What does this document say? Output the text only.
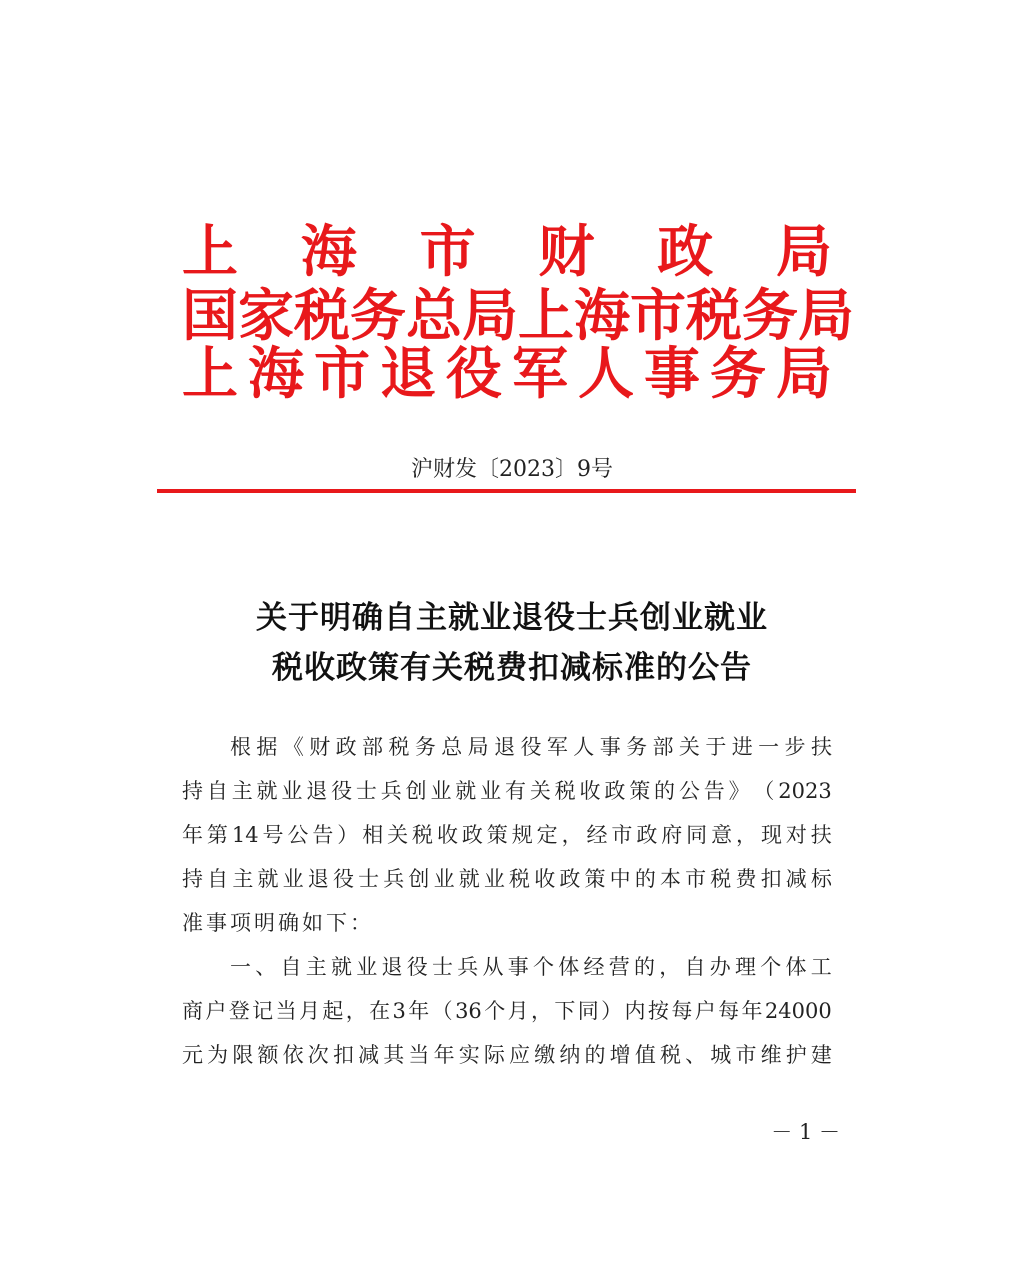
上 海 市 财 政 局
国 家 税 务 总 局 上 海 市 税 务 局
上 海 市 退 役 军 人 事 务 局
沪财发〔2023〕9号
关于明确自主就业退役士兵创业就业
税收政策有关税费扣减标准的公告
根 据 《 财 政 部 税 务 总 局 退 役 军 人 事 务 部 关 于 进 一 步 扶
持 自 主 就 业 退 役 士 兵 创 业 就 业 有 关 税 收 政 策 的 公 告 》 （ 2023
年 第 14 号 公 告 ） 相 关 税 收 政 策 规 定 ， 经 市 政 府 同 意 ， 现 对 扶
持 自 主 就 业 退 役 士 兵 创 业 就 业 税 收 政 策 中 的 本 市 税 费 扣 减 标
准事项明确如下：
一 、 自 主 就 业 退 役 士 兵 从 事 个 体 经 营 的 ， 自 办 理 个 体 工
商 户 登 记 当 月 起 ， 在 3 年 （ 36 个 月 ， 下 同 ） 内 按 每 户 每 年 24000
元 为 限 额 依 次 扣 减 其 当 年 实 际 应 缴 纳 的 增 值 税 、 城 市 维 护 建
－ 1 －
